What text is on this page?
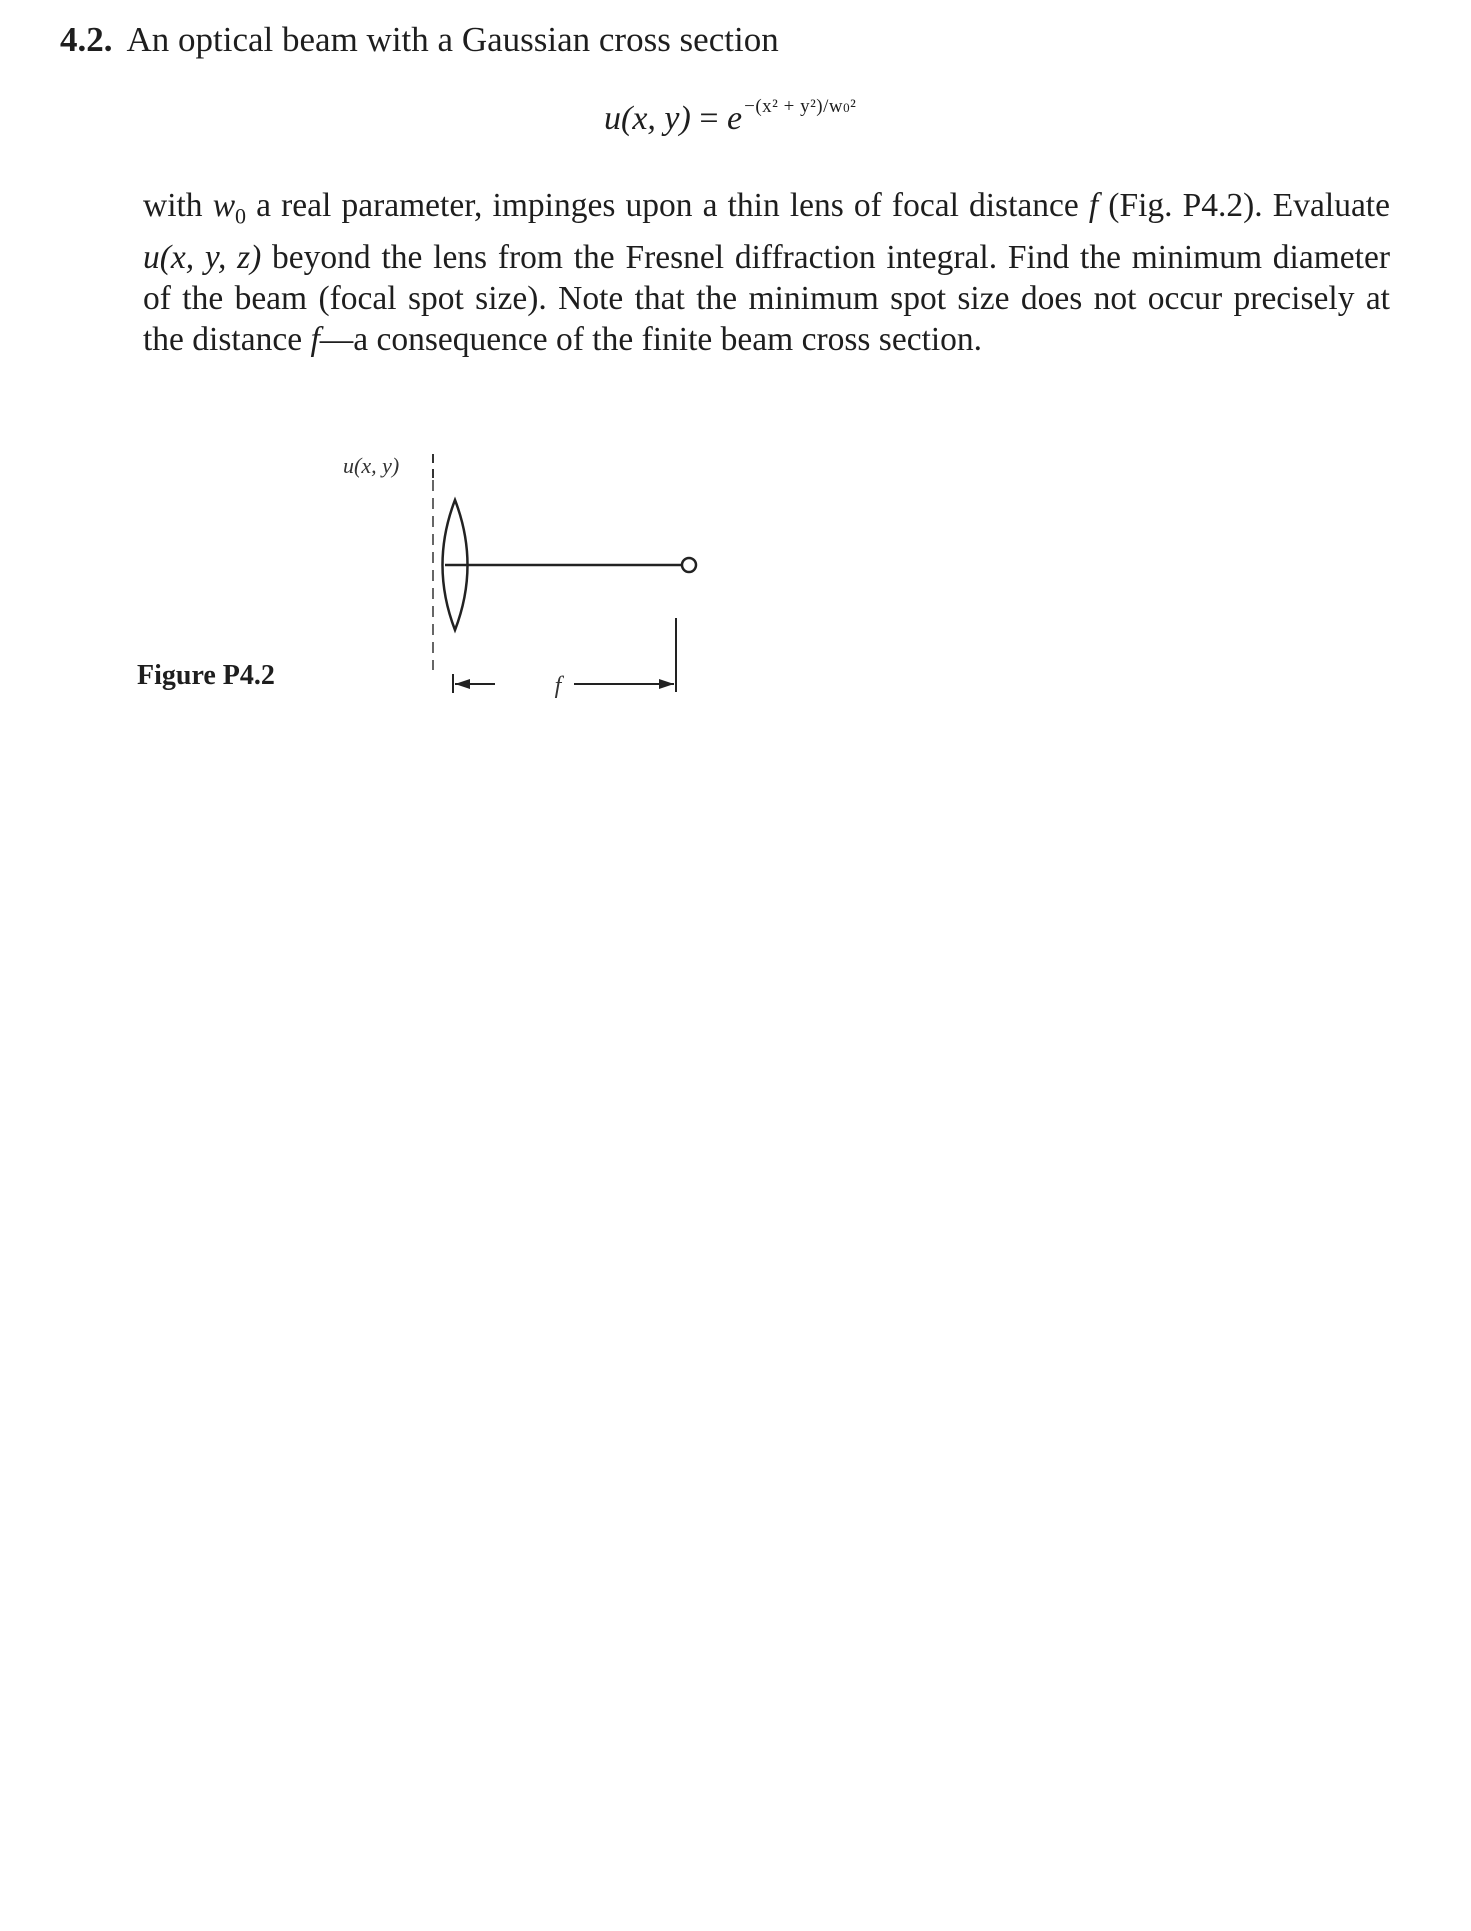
4.2. An optical beam with a Gaussian cross section
u(x, y) = e $^{-(x^2 + y^2)/w0^2}$
with $w_0$ a real parameter, impinges upon a thin lens of focal distance f (Fig. P4.2). Evaluate u(x, y, z) beyond the lens from the Fresnel diffraction integral. Find the minimum diameter of the beam (focal spot size). Note that the minimum spot size does not occur precisely at the distance f—a consequence of the finite beam cross section.
u(x, y)
f
Figure P4.2
